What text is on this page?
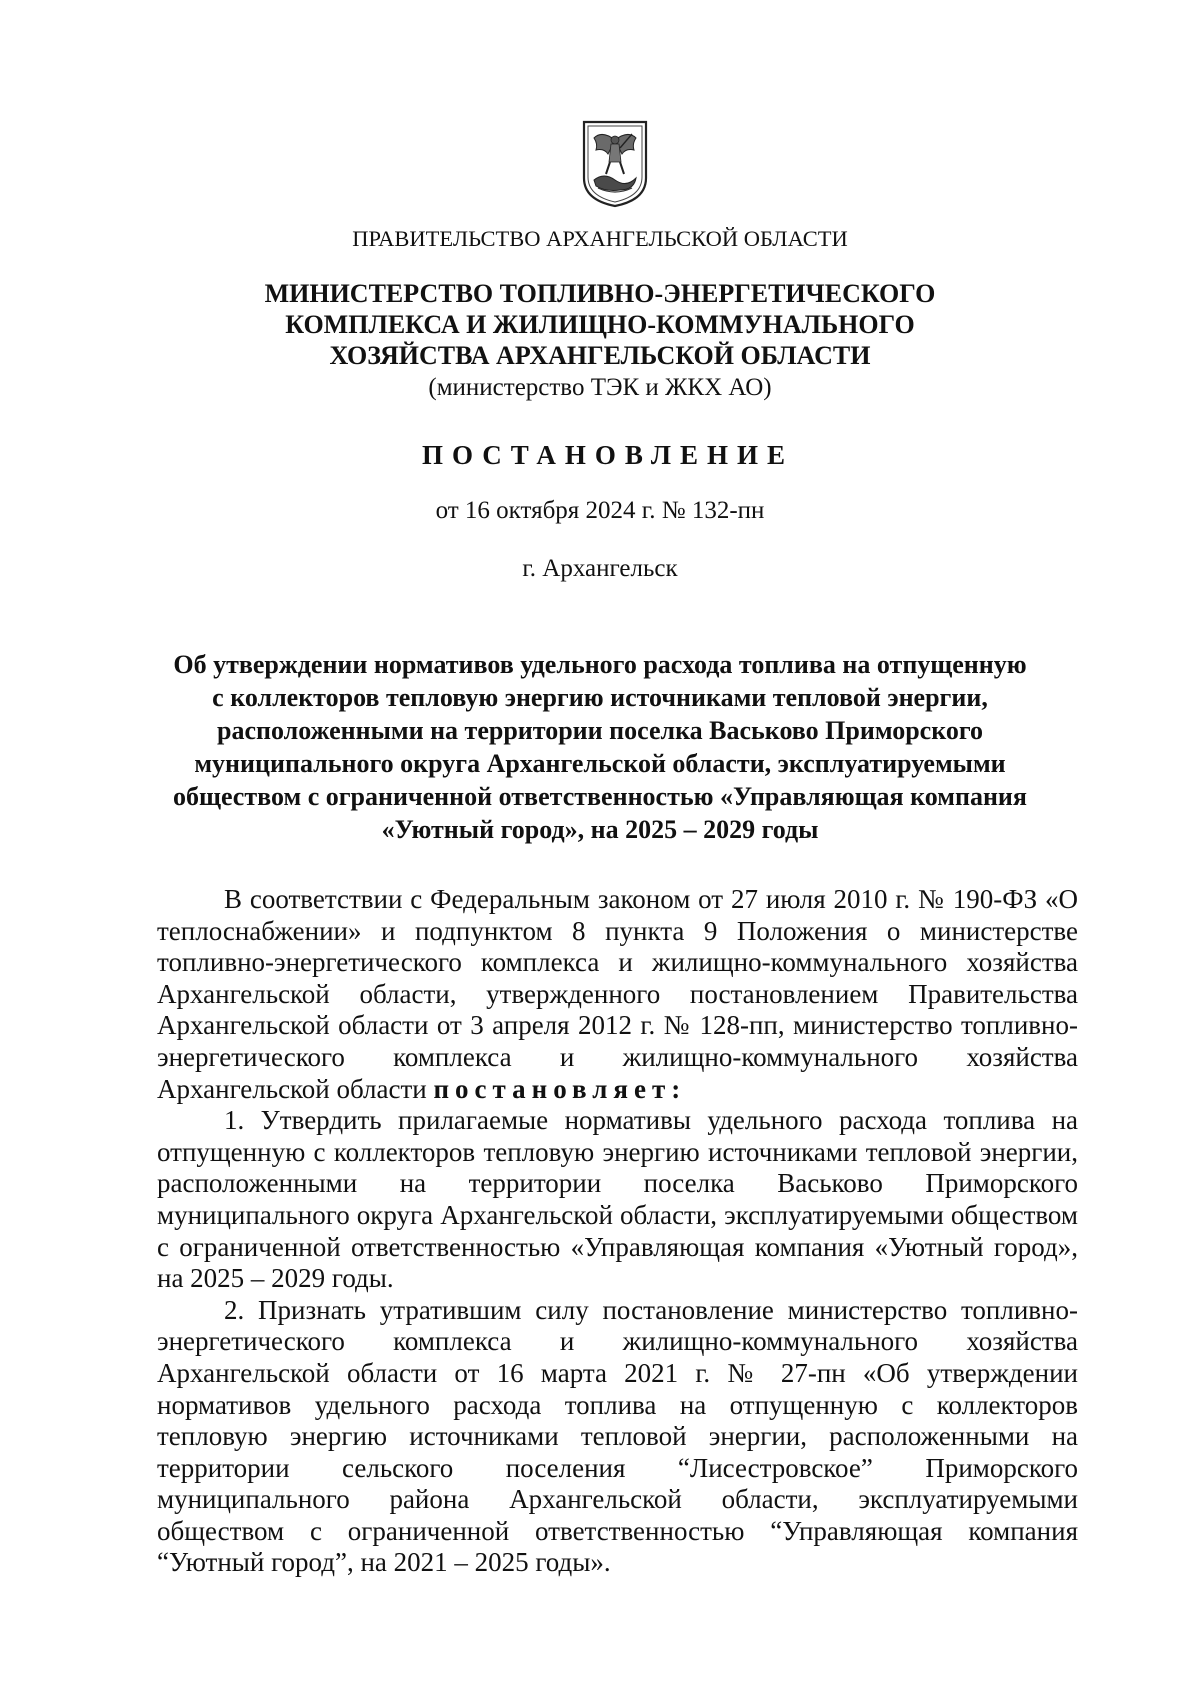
ПРАВИТЕЛЬСТВО АРХАНГЕЛЬСКОЙ ОБЛАСТИ
МИНИСТЕРСТВО ТОПЛИВНО-ЭНЕРГЕТИЧЕСКОГО
КОМПЛЕКСА И ЖИЛИЩНО-КОММУНАЛЬНОГО
ХОЗЯЙСТВА АРХАНГЕЛЬСКОЙ ОБЛАСТИ
(министерство ТЭК и ЖКХ АО)
ПОСТАНОВЛЕНИЕ
от 16 октября 2024 г. № 132-пн
г. Архангельск
Об утверждении нормативов удельного расхода топлива на отпущенную
с коллекторов тепловую энергию источниками тепловой энергии,
расположенными на территории поселка Васьково Приморского
муниципального округа Архангельской области, эксплуатируемыми
обществом с ограниченной ответственностью «Управляющая компания
«Уютный город», на 2025 – 2029 годы

В соответствии с Федеральным законом от 27 июля 2010 г. № 190-ФЗ «О теплоснабжении» и подпунктом 8 пункта 9 Положения о министерстве топливно-энергетического комплекса и жилищно-коммунального хозяйства Архангельской области, утвержденного постановлением Правительства Архангельской области от 3 апреля 2012 г. № 128-пп, министерство топливно-энергетического комплекса и жилищно-коммунального хозяйства Архангельской области постановляет:

1. Утвердить прилагаемые нормативы удельного расхода топлива на отпущенную с коллекторов тепловую энергию источниками тепловой энергии, расположенными на территории поселка Васьково Приморского муниципального округа Архангельской области, эксплуатируемыми обществом с ограниченной ответственностью «Управляющая компания «Уютный город», на 2025 – 2029 годы.

2. Признать утратившим силу постановление министерство топливно-энергетического комплекса и жилищно-коммунального хозяйства Архангельской области от 16 марта 2021 г. № 27-пн «Об утверждении нормативов удельного расхода топлива на отпущенную с коллекторов тепловую энергию источниками тепловой энергии, расположенными на территории сельского поселения “Лисестровское” Приморского муниципального района Архангельской области, эксплуатируемыми обществом с ограниченной ответственностью “Управляющая компания “Уютный город”, на 2021 – 2025 годы».
